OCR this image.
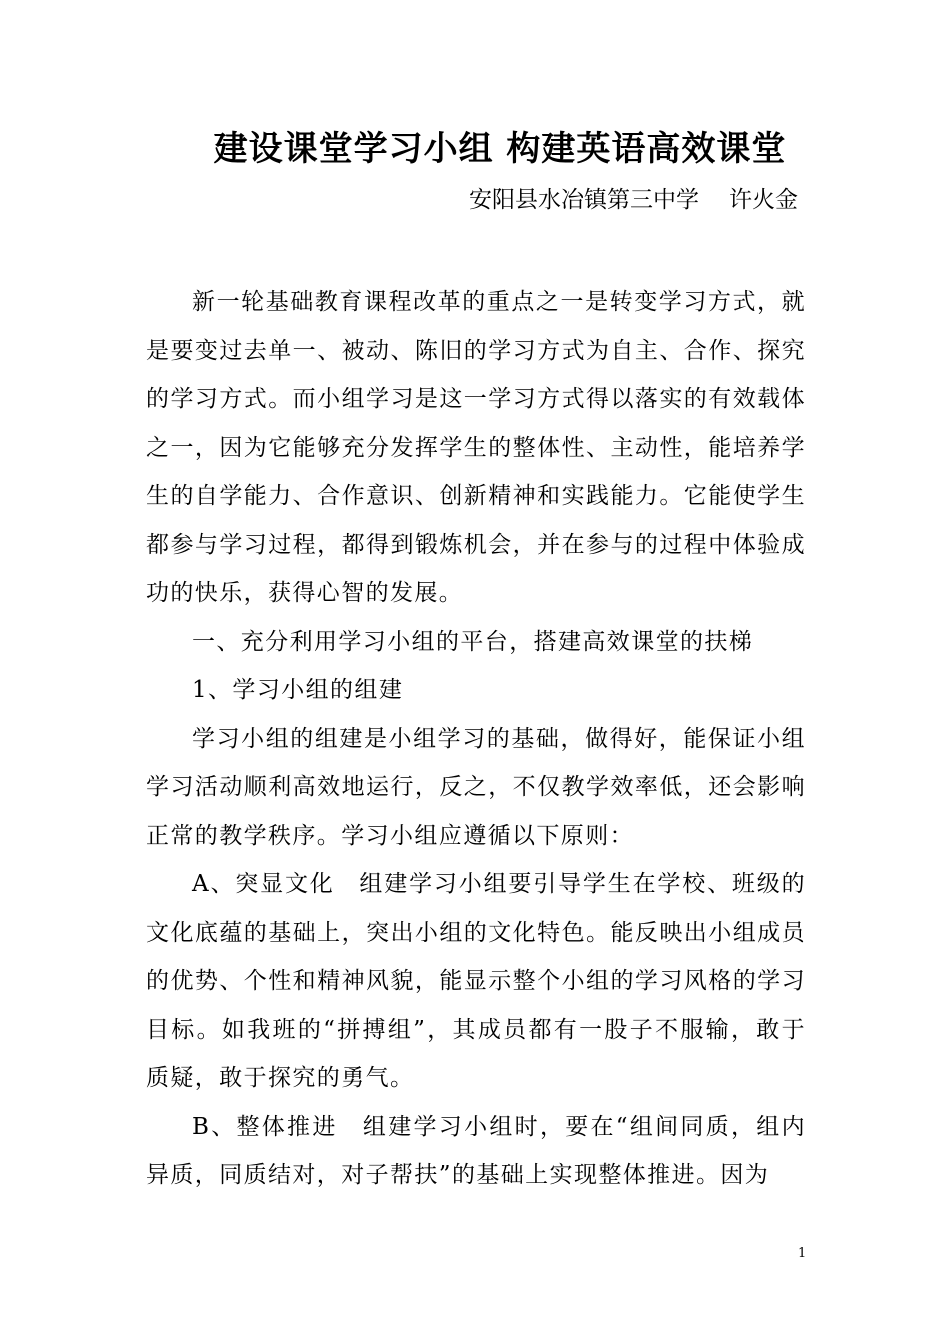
建设课堂学习小组 构建英语高效课堂
安阳县水冶镇第三中学 许火金

新一轮基础教育课程改革的重点之一是转变学习方式，就是要变过去单一、被动、陈旧的学习方式为自主、合作、探究的学习方式。而小组学习是这一学习方式得以落实的有效载体之一，因为它能够充分发挥学生的整体性、主动性，能培养学生的自学能力、合作意识、创新精神和实践能力。它能使学生都参与学习过程，都得到锻炼机会，并在参与的过程中体验成功的快乐，获得心智的发展。

一、充分利用学习小组的平台，搭建高效课堂的扶梯

1、学习小组的组建

学习小组的组建是小组学习的基础，做得好，能保证小组学习活动顺利高效地运行，反之，不仅教学效率低，还会影响正常的教学秩序。学习小组应遵循以下原则：

A、突显文化　组建学习小组要引导学生在学校、班级的文化底蕴的基础上，突出小组的文化特色。能反映出小组成员的优势、个性和精神风貌，能显示整个小组的学习风格的学习目标。如我班的“拼搏组”，其成员都有一股子不服输，敢于质疑，敢于探究的勇气。

B、整体推进　组建学习小组时，要在“组间同质，组内异质，同质结对，对子帮扶”的基础上实现整体推进。因为

1
